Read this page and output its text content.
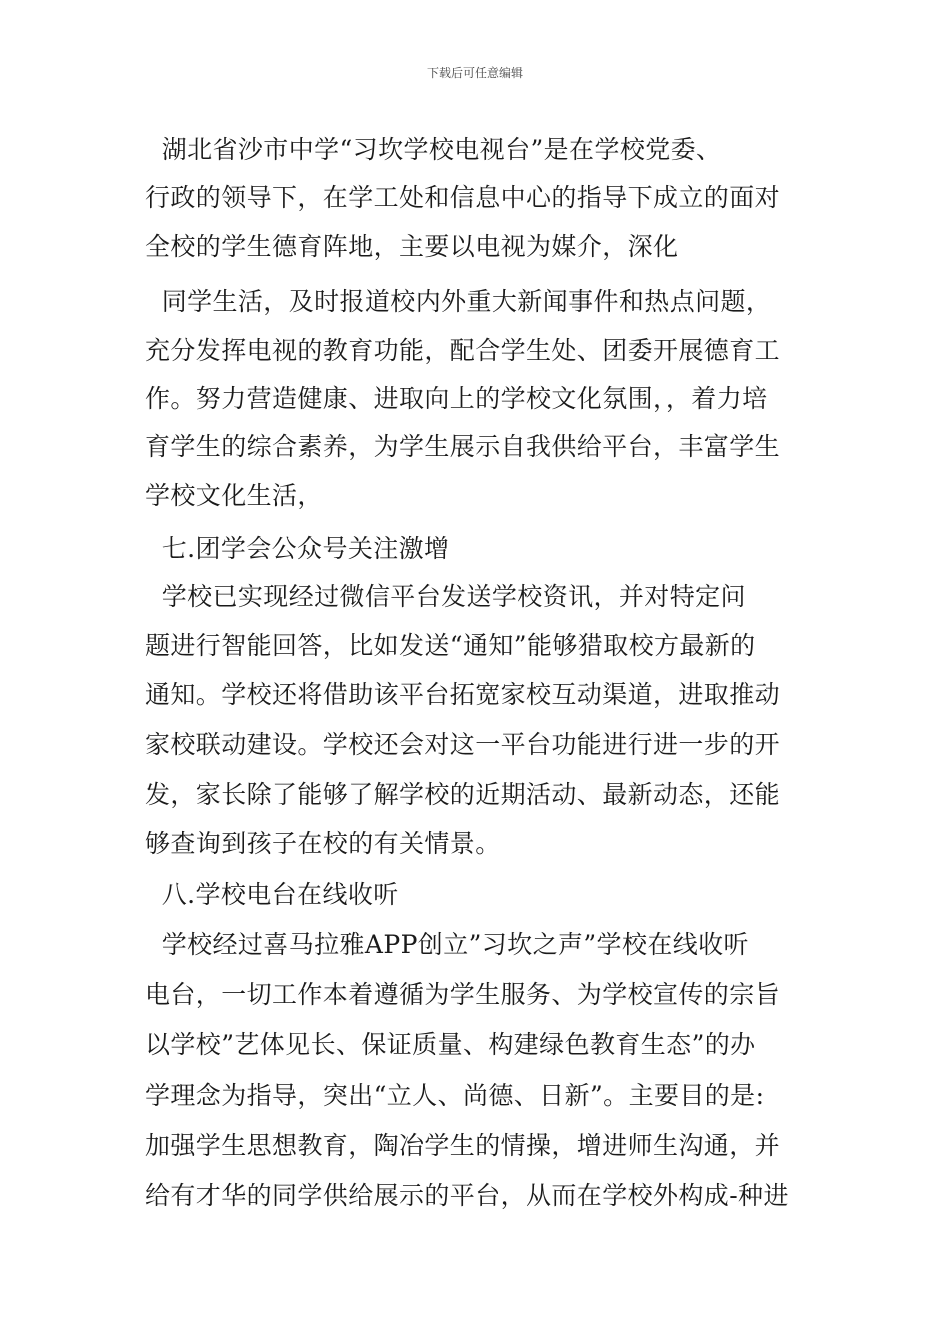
下载后可任意编辑
湖北省沙市中学“习坎学校电视台”是在学校党委、
行政的领导下，在学工处和信息中心的指导下成立的面对
全校的学生德育阵地，主要以电视为媒介，深化
同学生活，及时报道校内外重大新闻事件和热点问题，
充分发挥电视的教育功能，配合学生处、团委开展德育工
作。努力营造健康、进取向上的学校文化氛围，，着力培
育学生的综合素养，为学生展示自我供给平台，丰富学生
学校文化生活，
七.团学会公众号关注激增
学校已实现经过微信平台发送学校资讯，并对特定问
题进行智能回答，比如发送“通知”能够猎取校方最新的
通知。学校还将借助该平台拓宽家校互动渠道，进取推动
家校联动建设。学校还会对这一平台功能进行进一步的开
发，家长除了能够了解学校的近期活动、最新动态，还能
够查询到孩子在校的有关情景。
八.学校电台在线收听
学校经过喜马拉雅APP创立”习坎之声”学校在线收听
电台，一切工作本着遵循为学生服务、为学校宣传的宗旨
以学校”艺体见长、保证质量、构建绿色教育生态”的办
学理念为指导，突出“立人、尚德、日新”。主要目的是:
加强学生思想教育，陶冶学生的情操，增进师生沟通，并
给有才华的同学供给展示的平台，从而在学校外构成-种进
